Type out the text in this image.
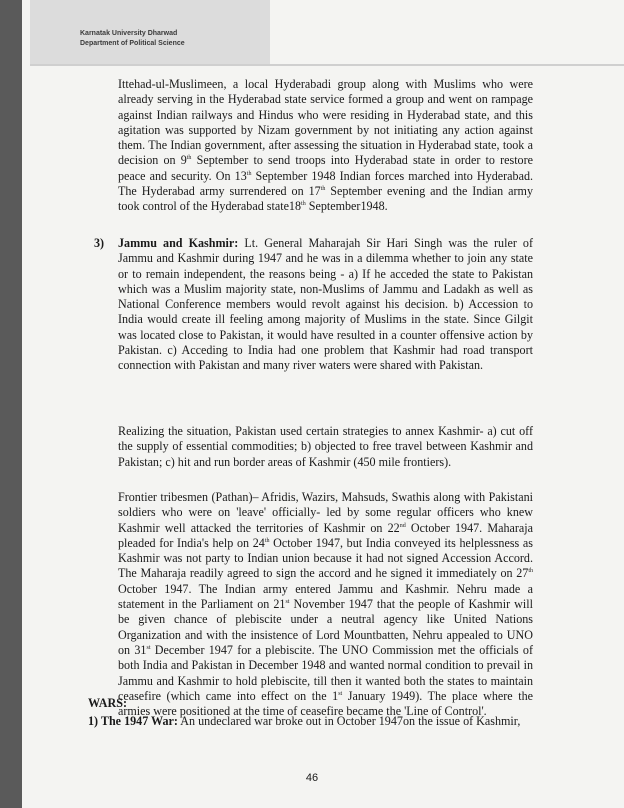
Karnatak University Dharwad
Department of Political Science

Ittehad-ul-Muslimeen, a local Hyderabadi group along with Muslims who were already serving in the Hyderabad state service formed a group and went on rampage against Indian railways and Hindus who were residing in Hyderabad state, and this agitation was supported by Nizam government by not initiating any action against them. The Indian government, after assessing the situation in Hyderabad state, took a decision on 9th September to send troops into Hyderabad state in order to restore peace and security. On 13th September 1948 Indian forces marched into Hyderabad. The Hyderabad army surrendered on 17th September evening and the Indian army took control of the Hyderabad state18th September1948.

3) Jammu and Kashmir: Lt. General Maharajah Sir Hari Singh was the ruler of Jammu and Kashmir during 1947 and he was in a dilemma whether to join any state or to remain independent, the reasons being - a) If he acceded the state to Pakistan which was a Muslim majority state, non-Muslims of Jammu and Ladakh as well as National Conference members would revolt against his decision. b) Accession to India would create ill feeling among majority of Muslims in the state. Since Gilgit was located close to Pakistan, it would have resulted in a counter offensive action by Pakistan. c) Acceding to India had one problem that Kashmir had road transport connection with Pakistan and many river waters were shared with Pakistan.

Realizing the situation, Pakistan used certain strategies to annex Kashmir- a) cut off the supply of essential commodities; b) objected to free travel between Kashmir and Pakistan; c) hit and run border areas of Kashmir (450 mile frontiers).

Frontier tribesmen (Pathan)– Afridis, Wazirs, Mahsuds, Swathis along with Pakistani soldiers who were on 'leave' officially- led by some regular officers who knew Kashmir well attacked the territories of Kashmir on 22nd October 1947. Maharaja pleaded for India's help on 24th October 1947, but India conveyed its helplessness as Kashmir was not party to Indian union because it had not signed Accession Accord. The Maharaja readily agreed to sign the accord and he signed it immediately on 27th October 1947. The Indian army entered Jammu and Kashmir. Nehru made a statement in the Parliament on 21st November 1947 that the people of Kashmir will be given chance of plebiscite under a neutral agency like United Nations Organization and with the insistence of Lord Mountbatten, Nehru appealed to UNO on 31st December 1947 for a plebiscite. The UNO Commission met the officials of both India and Pakistan in December 1948 and wanted normal condition to prevail in Jammu and Kashmir to hold plebiscite, till then it wanted both the states to maintain ceasefire (which came into effect on the 1st January 1949). The place where the armies were positioned at the time of ceasefire became the 'Line of Control'.

WARS:
1) The 1947 War: An undeclared war broke out in October 1947on the issue of Kashmir,
46
